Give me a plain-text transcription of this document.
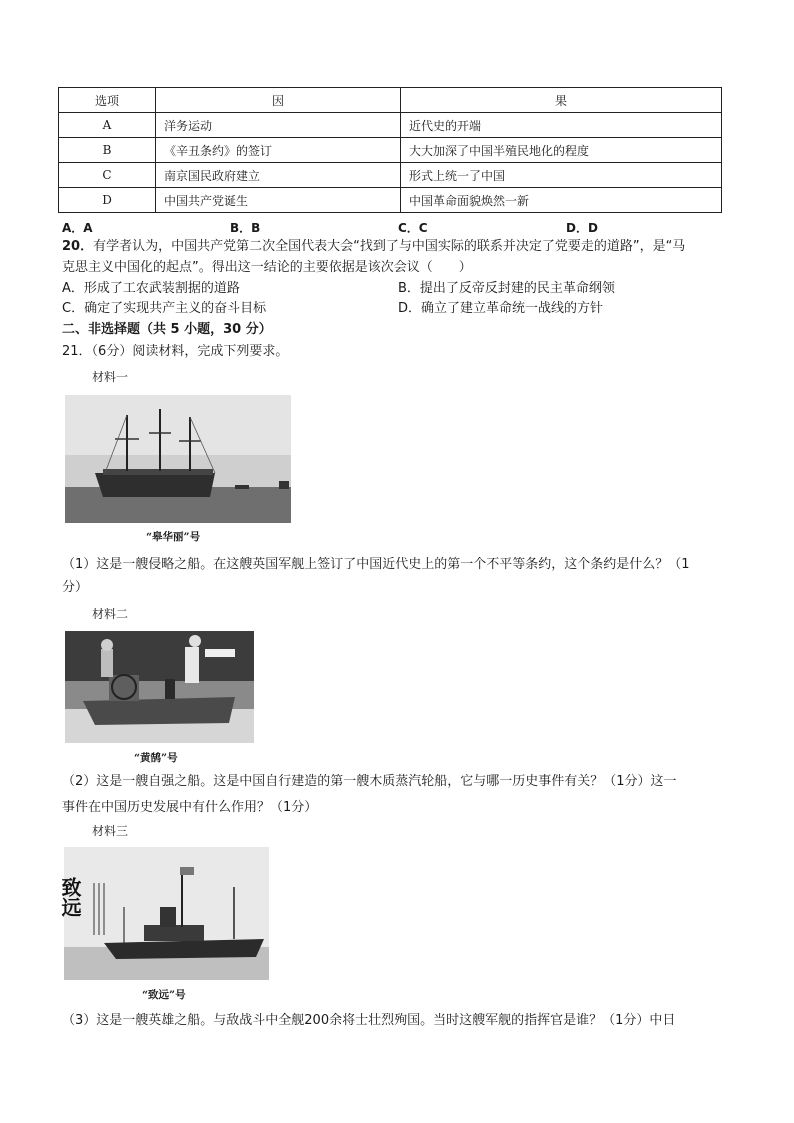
选项	因	果
A	洋务运动	近代史的开端
B	《辛丑条约》的签订	大大加深了中国半殖民地化的程度
C	南京国民政府建立	形式上统一了中国
D	中国共产党诞生	中国革命面貌焕然一新
A．A	B．B	C．C	D．D
20．有学者认为，中国共产党第二次全国代表大会“找到了与中国实际的联系并决定了党要走的道路”，是“马
克思主义中国化的起点”。得出这一结论的主要依据是该次会议（　　）
A．形成了工农武装割据的道路	B．提出了反帝反封建的民主革命纲领
C．确定了实现共产主义的奋斗目标	D．确立了建立革命统一战线的方针
二、非选择题（共 5 小题，30 分）
21．（6分）阅读材料，完成下列要求。
材料一
“皋华丽”号
（1）这是一艘侵略之船。在这艘英国军舰上签订了中国近代史上的第一个不平等条约，这个条约是什么？（1
分）
材料二
“黄鹄”号
（2）这是一艘自强之船。这是中国自行建造的第一艘木质蒸汽轮船，它与哪一历史事件有关？（1分）这一
事件在中国历史发展中有什么作用？（1分）
材料三
致远
“致远”号
（3）这是一艘英雄之船。与敌战斗中全舰200余将士壮烈殉国。当时这艘军舰的指挥官是谁？（1分）中日
